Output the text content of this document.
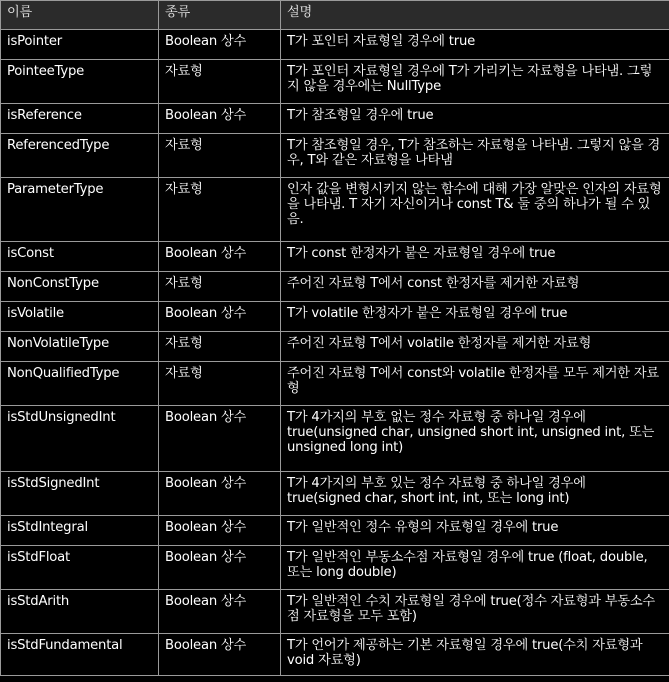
이름	종류	설명
isPointer	Boolean 상수	T가 포인터 자료형일 경우에 true
PointeeType	자료형	T가 포인터 자료형일 경우에 T가 가리키는 자료형을 나타냄. 그렇지 않을 경우에는 NullType
isReference	Boolean 상수	T가 참조형일 경우에 true
ReferencedType	자료형	T가 참조형일 경우, T가 참조하는 자료형을 나타냄. 그렇지 않을 경우, T와 같은 자료형을 나타냄
ParameterType	자료형	인자 값을 변형시키지 않는 함수에 대해 가장 알맞은 인자의 자료형을 나타냄. T 자기 자신이거나 const T& 둘 중의 하나가 될 수 있음.
isConst	Boolean 상수	T가 const 한정자가 붙은 자료형일 경우에 true
NonConstType	자료형	주어진 자료형 T에서 const 한정자를 제거한 자료형
isVolatile	Boolean 상수	T가 volatile 한정자가 붙은 자료형일 경우에 true
NonVolatileType	자료형	주어진 자료형 T에서 volatile 한정자를 제거한 자료형
NonQualifiedType	자료형	주어진 자료형 T에서 const와 volatile 한정자를 모두 제거한 자료형
isStdUnsignedInt	Boolean 상수	T가 4가지의 부호 없는 정수 자료형 중 하나일 경우에 true(unsigned char, unsigned short int, unsigned int, 또는 unsigned long int)
isStdSignedInt	Boolean 상수	T가 4가지의 부호 있는 정수 자료형 중 하나일 경우에 true(signed char, short int, int, 또는 long int)
isStdIntegral	Boolean 상수	T가 일반적인 정수 유형의 자료형일 경우에 true
isStdFloat	Boolean 상수	T가 일반적인 부동소수점 자료형일 경우에 true (float, double, 또는 long double)
isStdArith	Boolean 상수	T가 일반적인 수치 자료형일 경우에 true(정수 자료형과 부동소수점 자료형을 모두 포함)
isStdFundamental	Boolean 상수	T가 언어가 제공하는 기본 자료형일 경우에 true(수치 자료형과 void 자료형)
